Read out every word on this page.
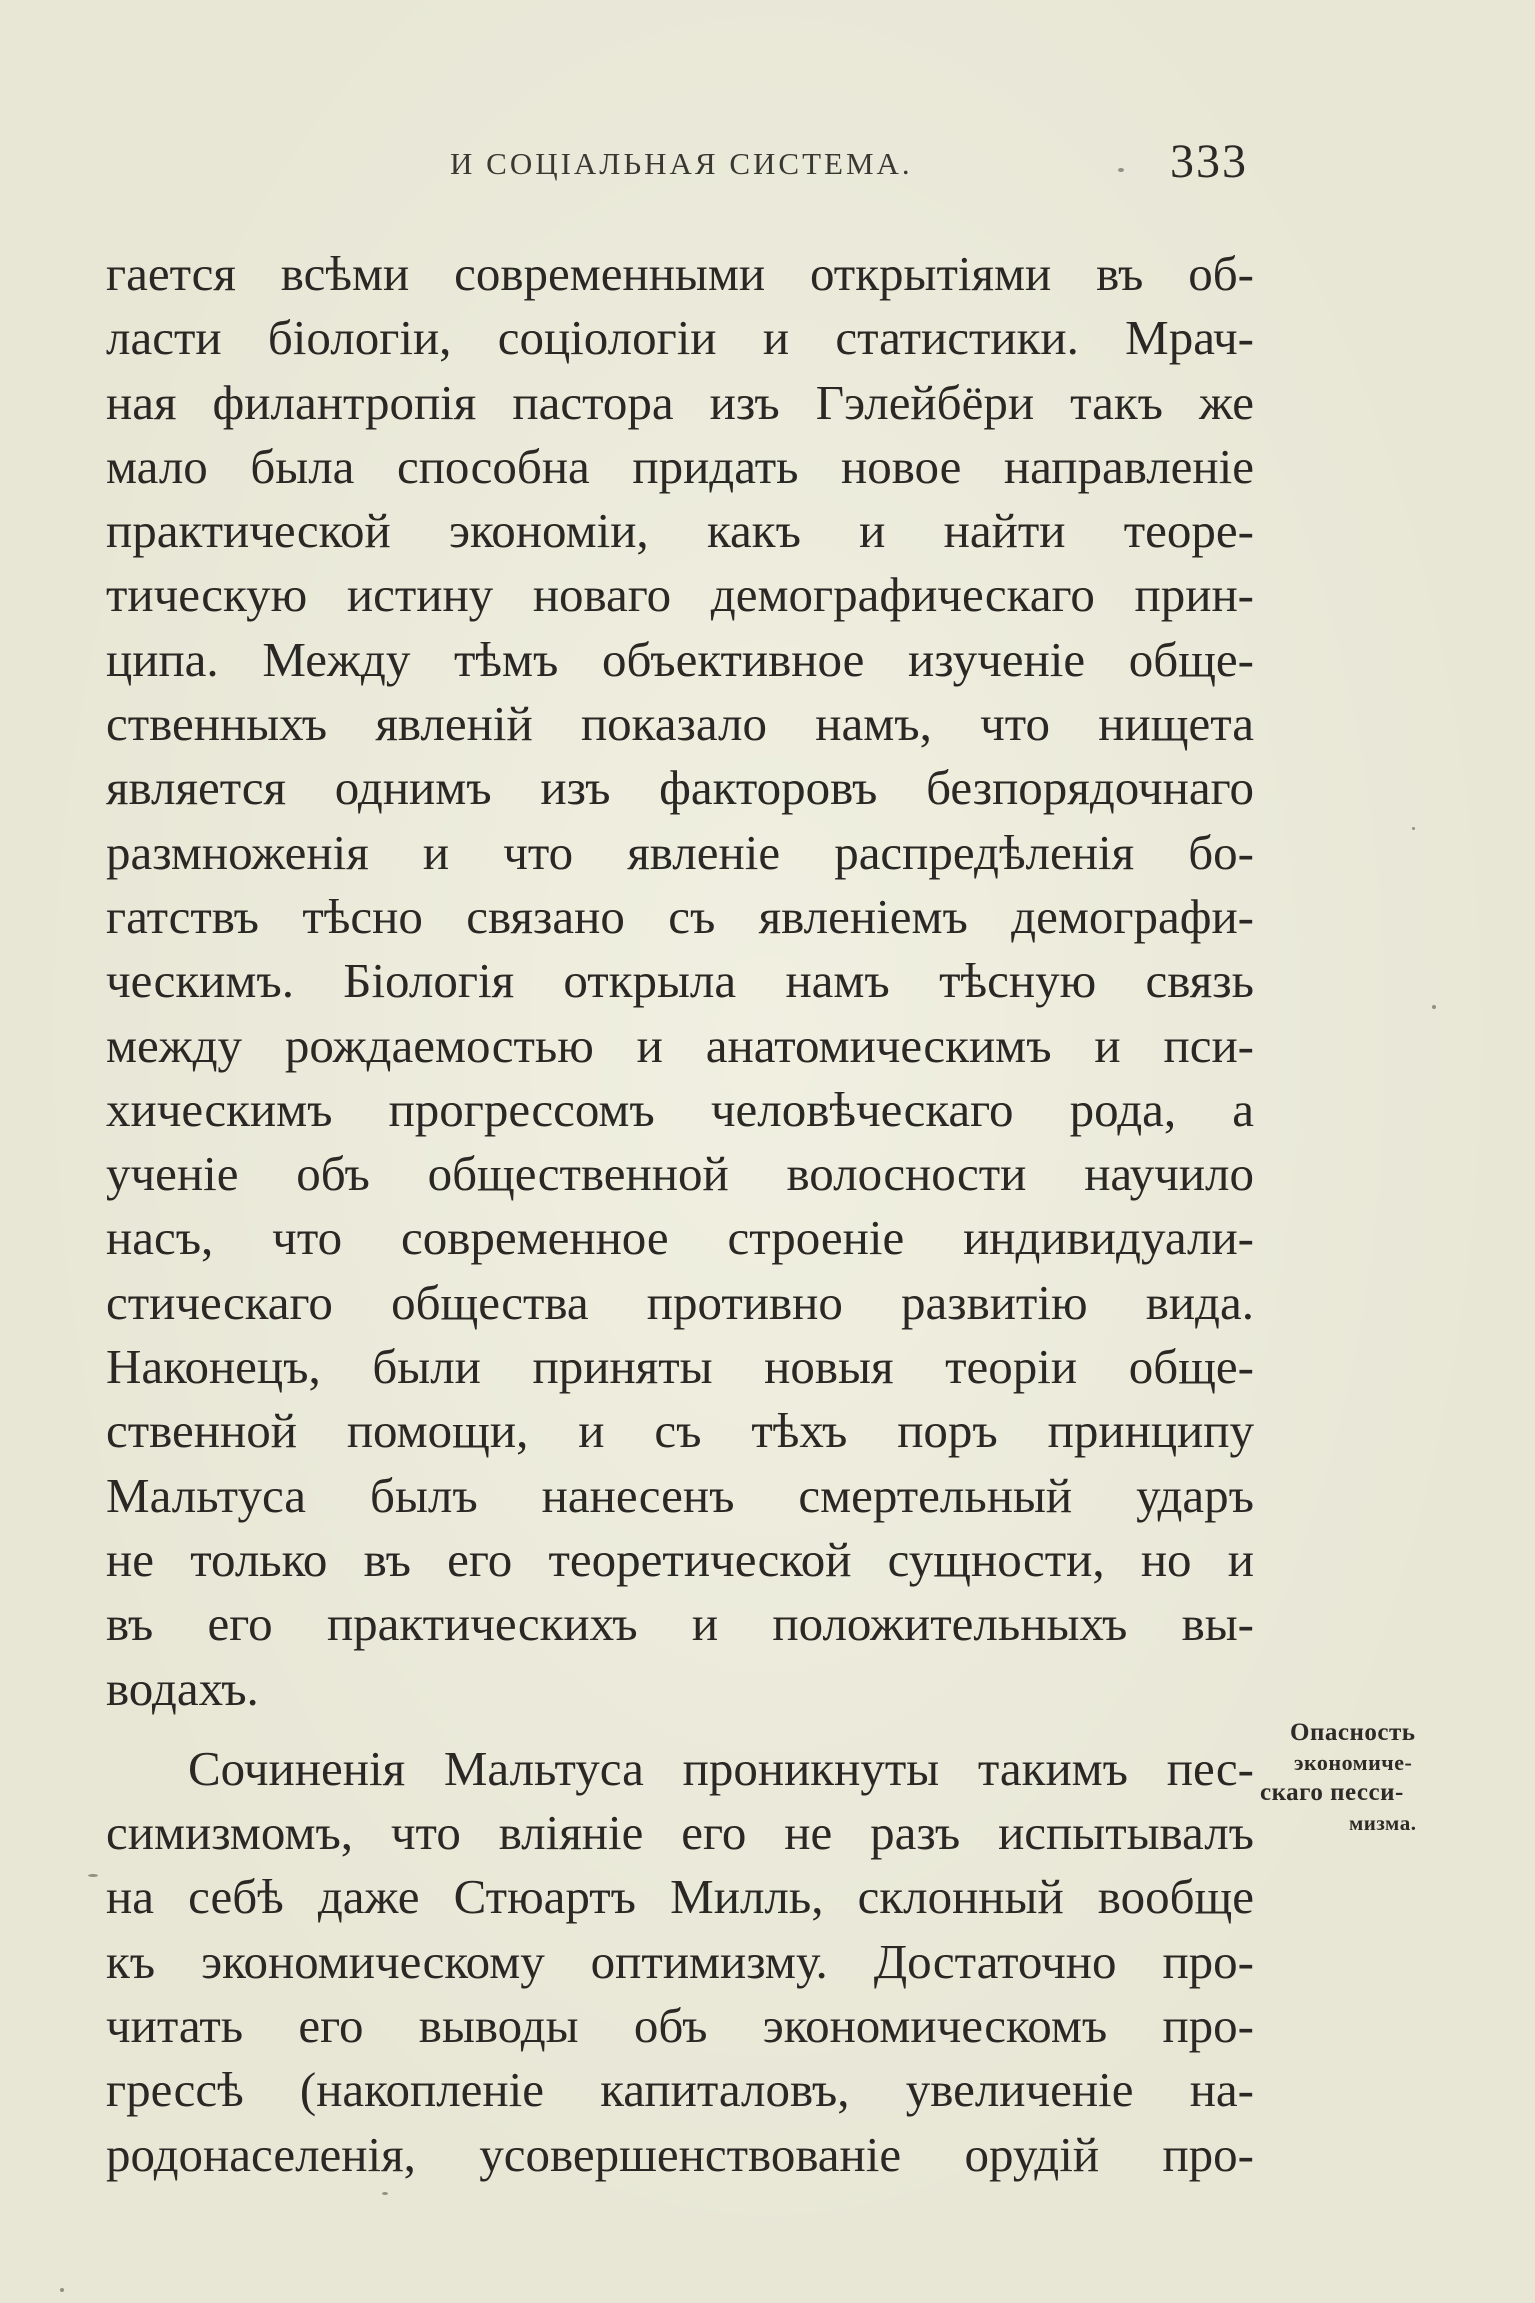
И СОЦІАЛЬНАЯ СИСТЕМА.	333
гается всѣми современными открытіями въ об-
ласти біологіи, соціологіи и статистики. Мрач-
ная филантропія пастора изъ Гэлейбёри такъ же
мало была способна придать новое направленіе
практической экономіи, какъ и найти теоре-
тическую истину новаго демографическаго прин-
ципа. Между тѣмъ объективное изученіе обще-
ственныхъ явленій показало намъ, что нищета
является однимъ изъ факторовъ безпорядочнаго
размноженія и что явленіе распредѣленія бо-
гатствъ тѣсно связано съ явленіемъ демографи-
ческимъ. Біологія открыла намъ тѣсную связь
между рождаемостью и анатомическимъ и пси-
хическимъ прогрессомъ человѣческаго рода, а
ученіе объ общественной волосности научило
насъ, что современное строеніе индивидуали-
стическаго общества противно развитію вида.
Наконецъ, были приняты новыя теоріи обще-
ственной помощи, и съ тѣхъ поръ принципу
Мальтуса былъ нанесенъ смертельный ударъ
не только въ его теоретической сущности, но и
въ его практическихъ и положительныхъ вы-
водахъ.
Сочиненія Мальтуса проникнуты такимъ пес-
симизмомъ, что вліяніе его не разъ испытывалъ
на себѣ даже Стюартъ Милль, склонный вообще
къ экономическому оптимизму. Достаточно про-
читать его выводы объ экономическомъ про-
грессѣ (накопленіе капиталовъ, увеличеніе на-
родонаселенія, усовершенствованіе орудій про-
Опасность
экономиче-
скаго песси-
мизма.
